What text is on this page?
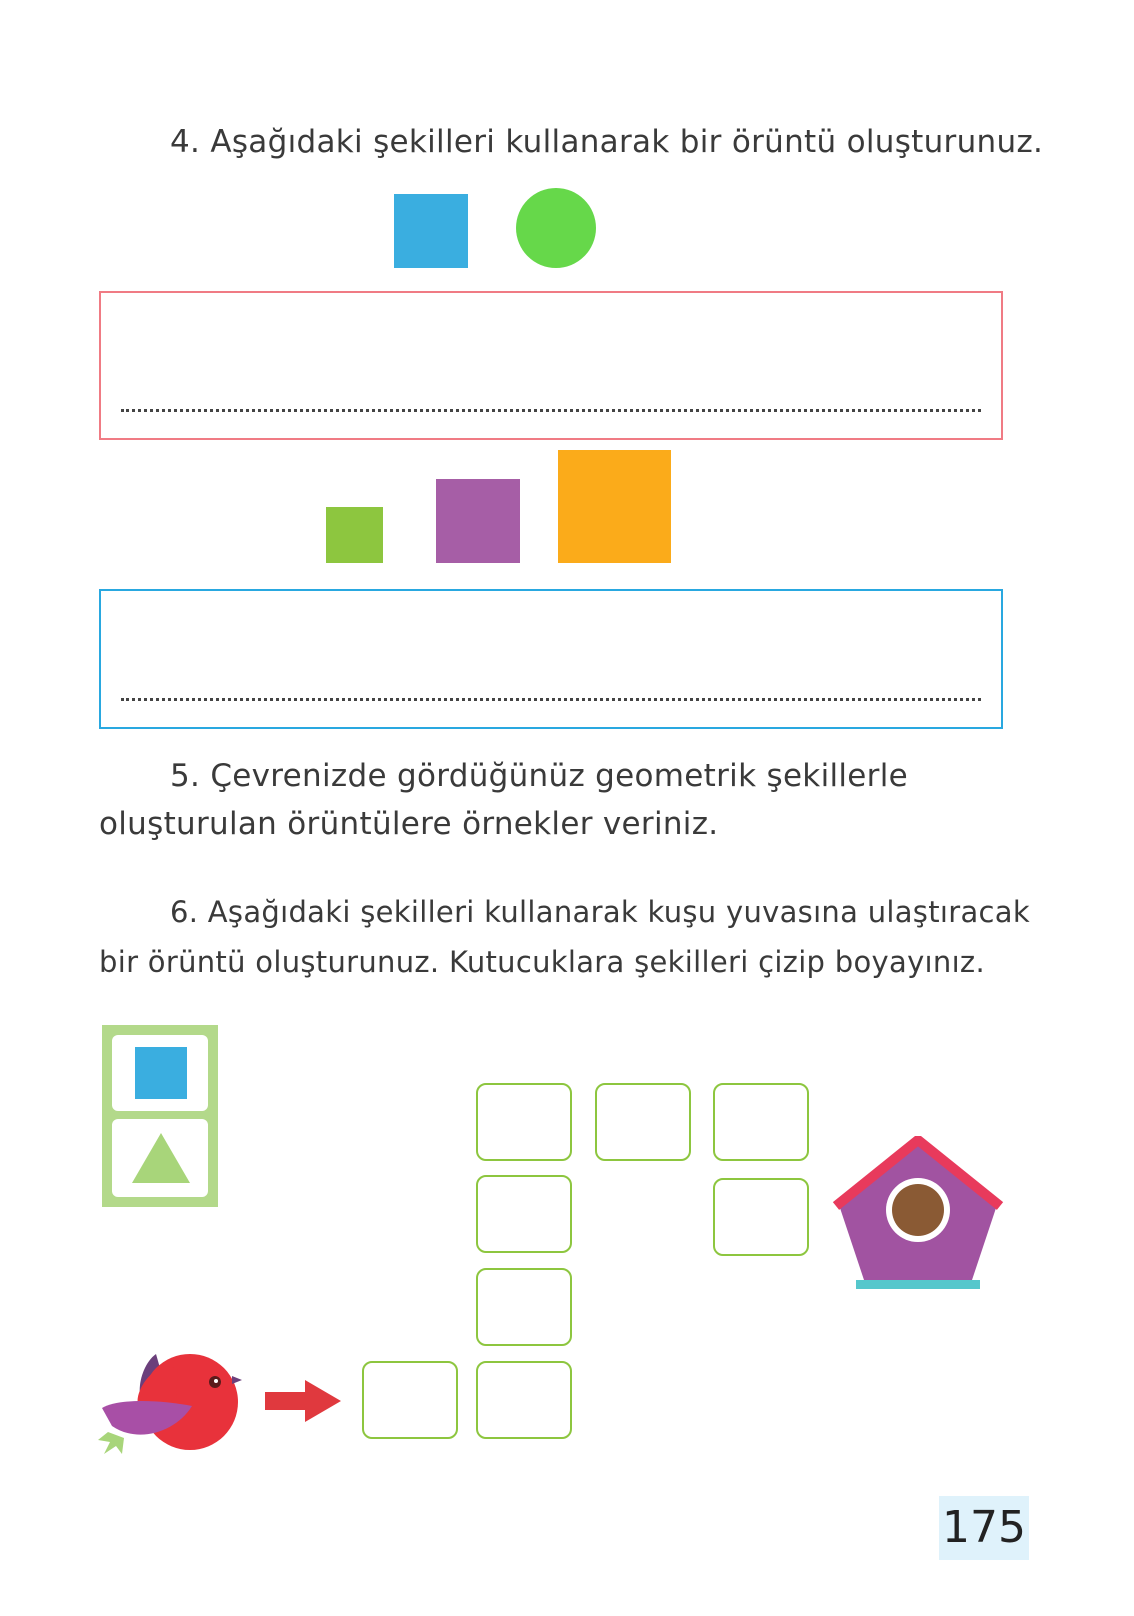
4. Aşağıdaki şekilleri kullanarak bir örüntü oluşturunuz.
5. Çevrenizde gördüğünüz geometrik şekillerle
oluşturulan örüntülere örnekler veriniz.
6. Aşağıdaki şekilleri kullanarak kuşu yuvasına ulaştıracak
bir örüntü oluşturunuz. Kutucuklara şekilleri çizip boyayınız.
175
